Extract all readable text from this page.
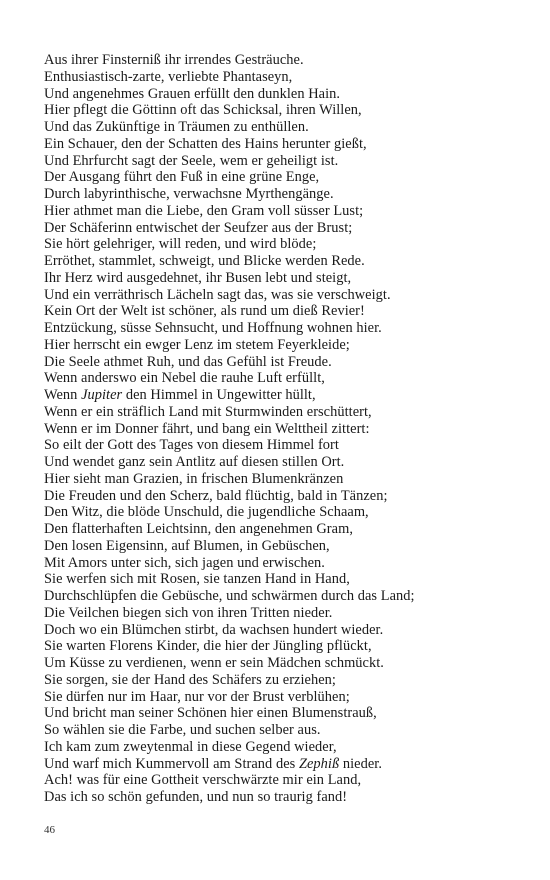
Aus ihrer Finsterniß ihr irrendes Gesträuche.
Enthusiastisch-zarte, verliebte Phantaseyn,
Und angenehmes Grauen erfüllt den dunklen Hain.
Hier pflegt die Göttinn oft das Schicksal, ihren Willen,
Und das Zukünftige in Träumen zu enthüllen.
Ein Schauer, den der Schatten des Hains herunter gießt,
Und Ehrfurcht sagt der Seele, wem er geheiligt ist.
Der Ausgang führt den Fuß in eine grüne Enge,
Durch labyrinthische, verwachsne Myrthengänge.
Hier athmet man die Liebe, den Gram voll süsser Lust;
Der Schäferinn entwischet der Seufzer aus der Brust;
Sie hört gelehriger, will reden, und wird blöde;
Erröthet, stammlet, schweigt, und Blicke werden Rede.
Ihr Herz wird ausgedehnet, ihr Busen lebt und steigt,
Und ein verräthrisch Lächeln sagt das, was sie verschweigt.
Kein Ort der Welt ist schöner, als rund um dieß Revier!
Entzückung, süsse Sehnsucht, und Hoffnung wohnen hier.
Hier herrscht ein ewger Lenz im stetem Feyerkleide;
Die Seele athmet Ruh, und das Gefühl ist Freude.
Wenn anderswo ein Nebel die rauhe Luft erfüllt,
Wenn Jupiter den Himmel in Ungewitter hüllt,
Wenn er ein sträflich Land mit Sturmwinden erschüttert,
Wenn er im Donner fährt, und bang ein Welttheil zittert:
So eilt der Gott des Tages von diesem Himmel fort
Und wendet ganz sein Antlitz auf diesen stillen Ort.
Hier sieht man Grazien, in frischen Blumenkränzen
Die Freuden und den Scherz, bald flüchtig, bald in Tänzen;
Den Witz, die blöde Unschuld, die jugendliche Schaam,
Den flatterhaften Leichtsinn, den angenehmen Gram,
Den losen Eigensinn, auf Blumen, in Gebüschen,
Mit Amors unter sich, sich jagen und erwischen.
Sie werfen sich mit Rosen, sie tanzen Hand in Hand,
Durchschlüpfen die Gebüsche, und schwärmen durch das Land;
Die Veilchen biegen sich von ihren Tritten nieder.
Doch wo ein Blümchen stirbt, da wachsen hundert wieder.
Sie warten Florens Kinder, die hier der Jüngling pflückt,
Um Küsse zu verdienen, wenn er sein Mädchen schmückt.
Sie sorgen, sie der Hand des Schäfers zu erziehen;
Sie dürfen nur im Haar, nur vor der Brust verblühen;
Und bricht man seiner Schönen hier einen Blumenstrauß,
So wählen sie die Farbe, und suchen selber aus.
Ich kam zum zweytenmal in diese Gegend wieder,
Und warf mich Kummervoll am Strand des Zephiß nieder.
Ach! was für eine Gottheit verschwärzte mir ein Land,
Das ich so schön gefunden, und nun so traurig fand!
46
